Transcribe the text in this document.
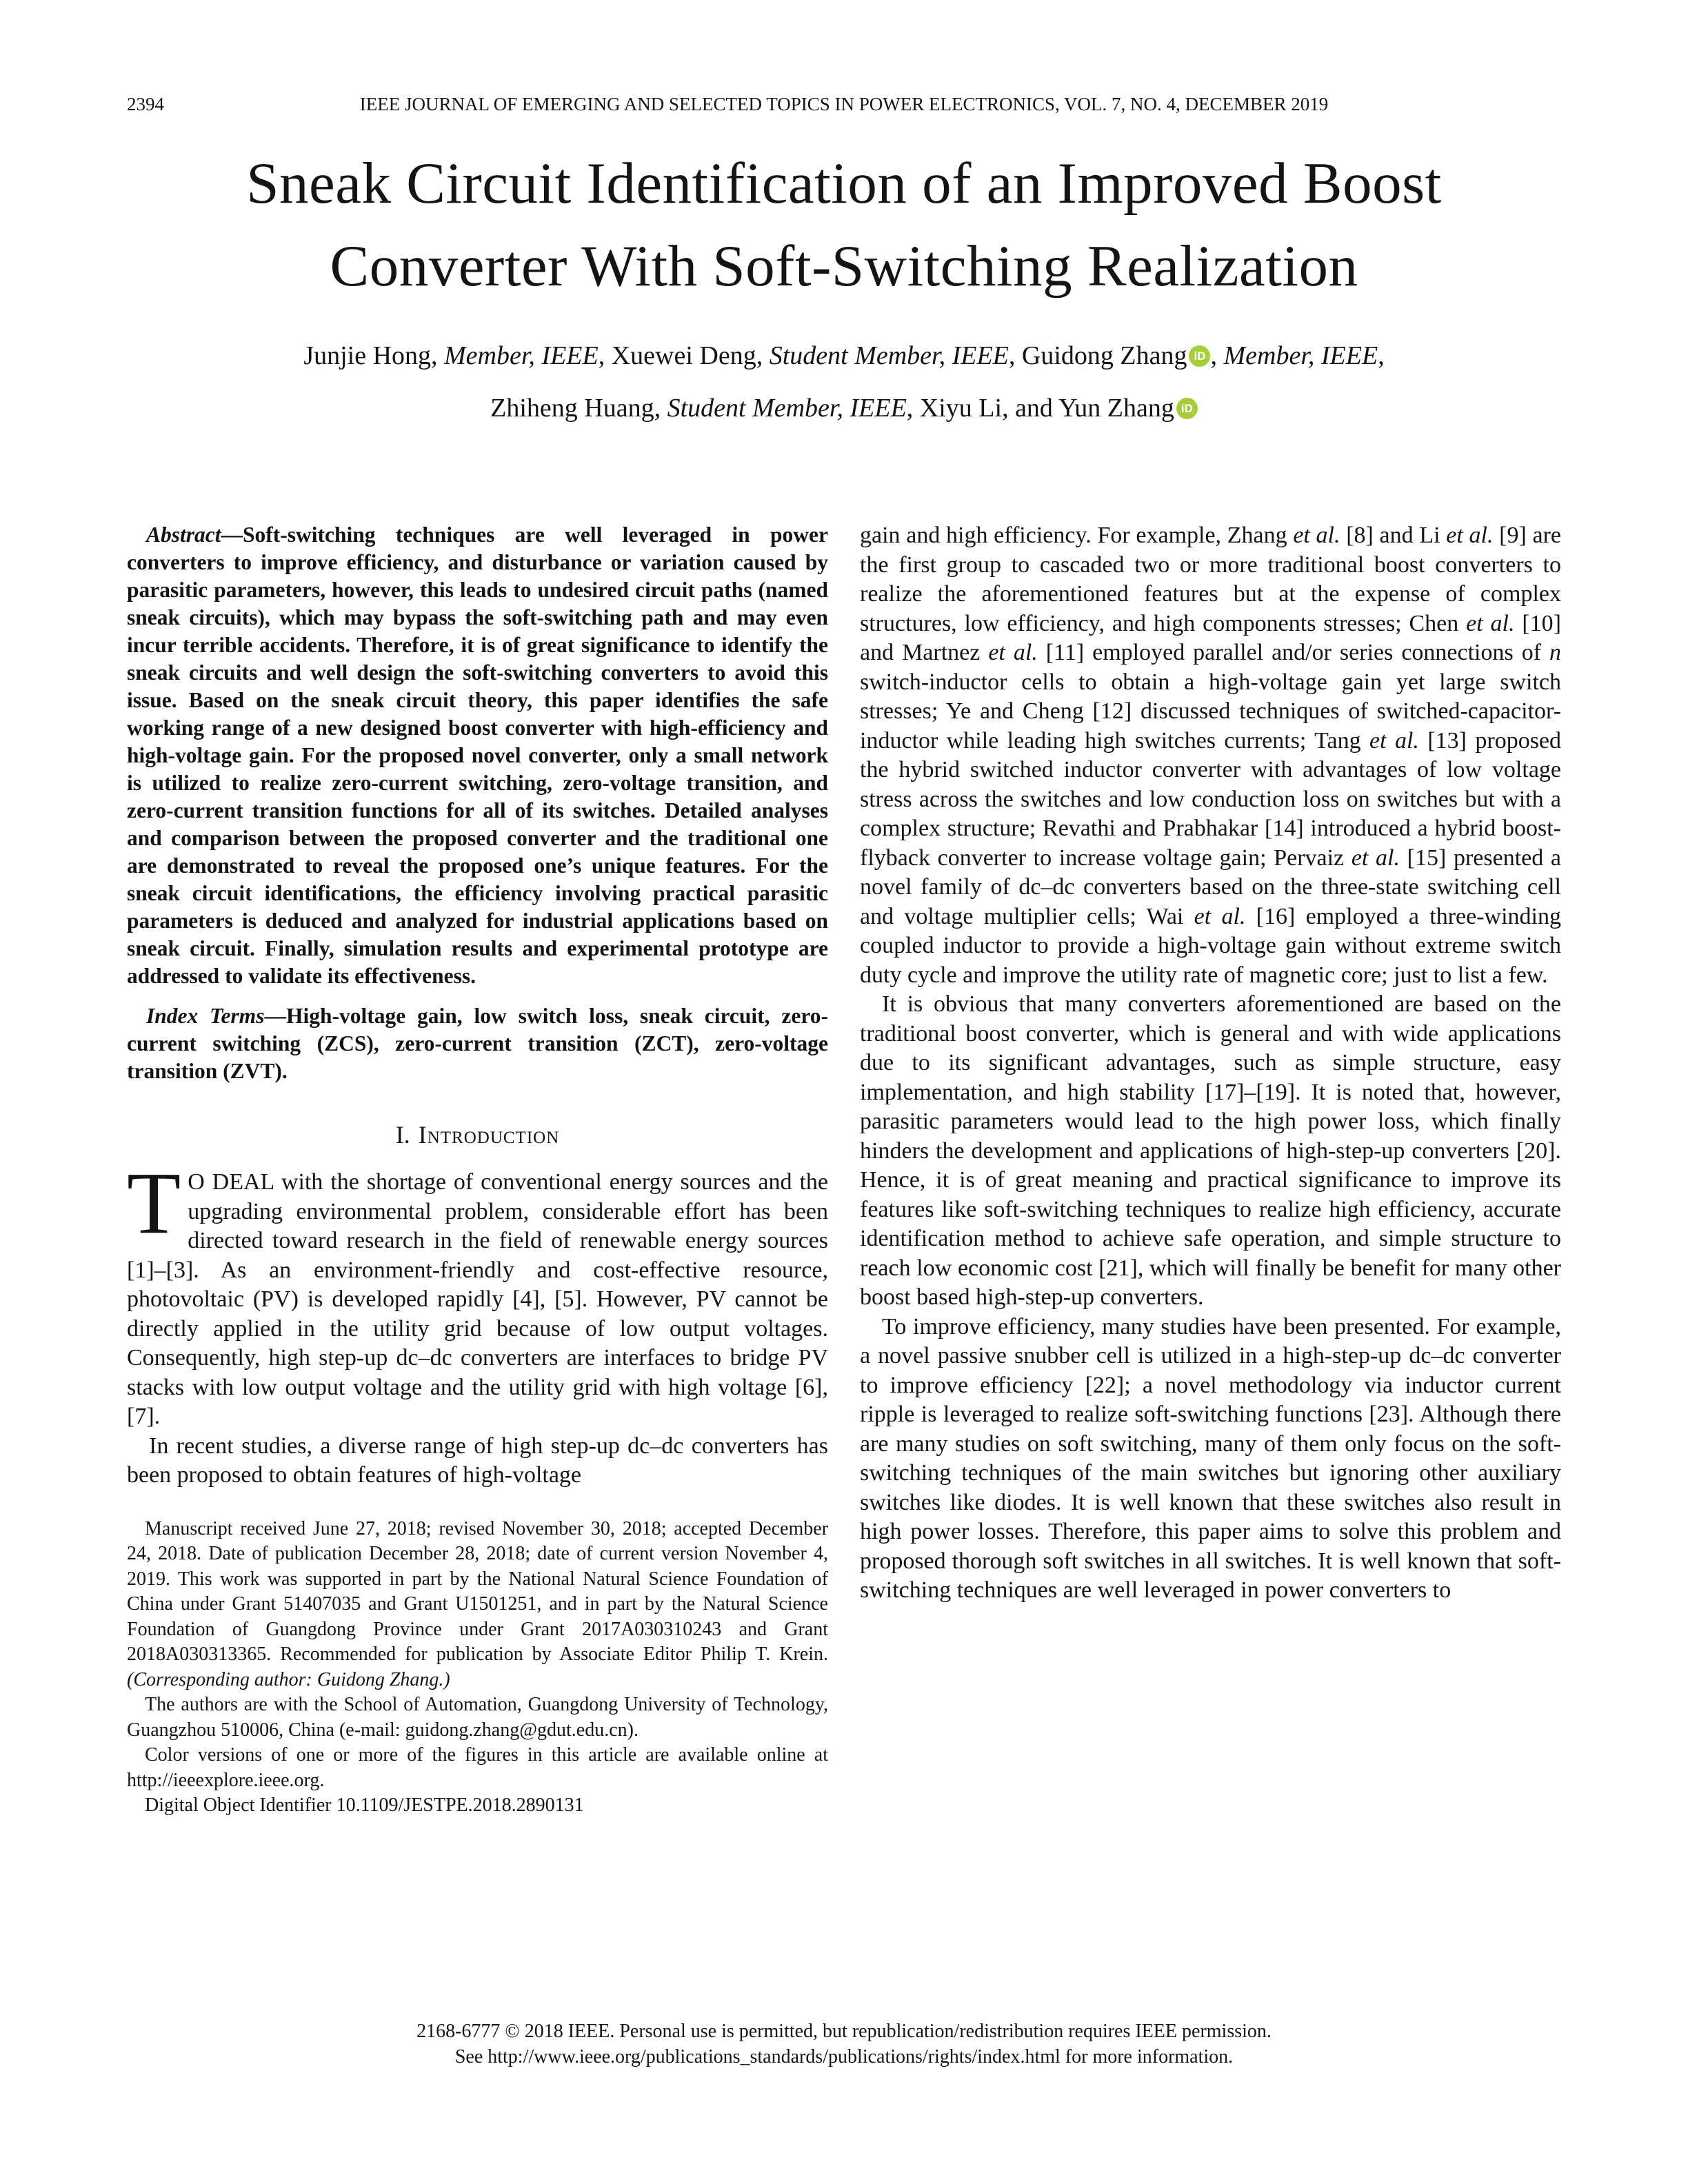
2394	IEEE JOURNAL OF EMERGING AND SELECTED TOPICS IN POWER ELECTRONICS, VOL. 7, NO. 4, DECEMBER 2019
Sneak Circuit Identification of an Improved Boost
Converter With Soft-Switching Realization
Junjie Hong, Member, IEEE, Xuewei Deng, Student Member, IEEE, Guidong Zhang iD , Member, IEEE,
Zhiheng Huang, Student Member, IEEE, Xiyu Li, and Yun Zhang iD

Abstract—Soft-switching techniques are well leveraged in power converters to improve efficiency, and disturbance or variation caused by parasitic parameters, however, this leads to undesired circuit paths (named sneak circuits), which may bypass the soft-switching path and may even incur terrible accidents. Therefore, it is of great significance to identify the sneak circuits and well design the soft-switching converters to avoid this issue. Based on the sneak circuit theory, this paper identifies the safe working range of a new designed boost converter with high-efficiency and high-voltage gain. For the proposed novel converter, only a small network is utilized to realize zero-current switching, zero-voltage transition, and zero-current transition functions for all of its switches. Detailed analyses and comparison between the proposed converter and the traditional one are demonstrated to reveal the proposed one’s unique features. For the sneak circuit identifications, the efficiency involving practical parasitic parameters is deduced and analyzed for industrial applications based on sneak circuit. Finally, simulation results and experimental prototype are addressed to validate its effectiveness.

Index Terms—High-voltage gain, low switch loss, sneak circuit, zero-current switching (ZCS), zero-current transition (ZCT), zero-voltage transition (ZVT).

I. Introduction

T O DEAL with the shortage of conventional energy sources and the upgrading environmental problem, considerable effort has been directed toward research in the field of renewable energy sources [1]–[3]. As an environment-friendly and cost-effective resource, photovoltaic (PV) is developed rapidly [4], [5]. However, PV cannot be directly applied in the utility grid because of low output voltages. Consequently, high step-up dc–dc converters are interfaces to bridge PV stacks with low output voltage and the utility grid with high voltage [6], [7].

In recent studies, a diverse range of high step-up dc–dc converters has been proposed to obtain features of high-voltage

Manuscript received June 27, 2018; revised November 30, 2018; accepted December 24, 2018. Date of publication December 28, 2018; date of current version November 4, 2019. This work was supported in part by the National Natural Science Foundation of China under Grant 51407035 and Grant U1501251, and in part by the Natural Science Foundation of Guangdong Province under Grant 2017A030310243 and Grant 2018A030313365. Recommended for publication by Associate Editor Philip T. Krein. (Corresponding author: Guidong Zhang.)

The authors are with the School of Automation, Guangdong University of Technology, Guangzhou 510006, China (e-mail: guidong.zhang@gdut.edu.cn).

Color versions of one or more of the figures in this article are available online at http://ieeexplore.ieee.org.

Digital Object Identifier 10.1109/JESTPE.2018.2890131

gain and high efficiency. For example, Zhang et al. [8] and Li et al. [9] are the first group to cascaded two or more traditional boost converters to realize the aforementioned features but at the expense of complex structures, low efficiency, and high components stresses; Chen et al. [10] and Martnez et al. [11] employed parallel and/or series connections of n switch-inductor cells to obtain a high-voltage gain yet large switch stresses; Ye and Cheng [12] discussed techniques of switched-capacitor-inductor while leading high switches currents; Tang et al. [13] proposed the hybrid switched inductor converter with advantages of low voltage stress across the switches and low conduction loss on switches but with a complex structure; Revathi and Prabhakar [14] introduced a hybrid boost-flyback converter to increase voltage gain; Pervaiz et al. [15] presented a novel family of dc–dc converters based on the three-state switching cell and voltage multiplier cells; Wai et al. [16] employed a three-winding coupled inductor to provide a high-voltage gain without extreme switch duty cycle and improve the utility rate of magnetic core; just to list a few.

It is obvious that many converters aforementioned are based on the traditional boost converter, which is general and with wide applications due to its significant advantages, such as simple structure, easy implementation, and high stability [17]–[19]. It is noted that, however, parasitic parameters would lead to the high power loss, which finally hinders the development and applications of high-step-up converters [20]. Hence, it is of great meaning and practical significance to improve its features like soft-switching techniques to realize high efficiency, accurate identification method to achieve safe operation, and simple structure to reach low economic cost [21], which will finally be benefit for many other boost based high-step-up converters.

To improve efficiency, many studies have been presented. For example, a novel passive snubber cell is utilized in a high-step-up dc–dc converter to improve efficiency [22]; a novel methodology via inductor current ripple is leveraged to realize soft-switching functions [23]. Although there are many studies on soft switching, many of them only focus on the soft-switching techniques of the main switches but ignoring other auxiliary switches like diodes. It is well known that these switches also result in high power losses. Therefore, this paper aims to solve this problem and proposed thorough soft switches in all switches. It is well known that soft-switching techniques are well leveraged in power converters to

2168-6777 © 2018 IEEE. Personal use is permitted, but republication/redistribution requires IEEE permission.
See http://www.ieee.org/publications_standards/publications/rights/index.html for more information.
